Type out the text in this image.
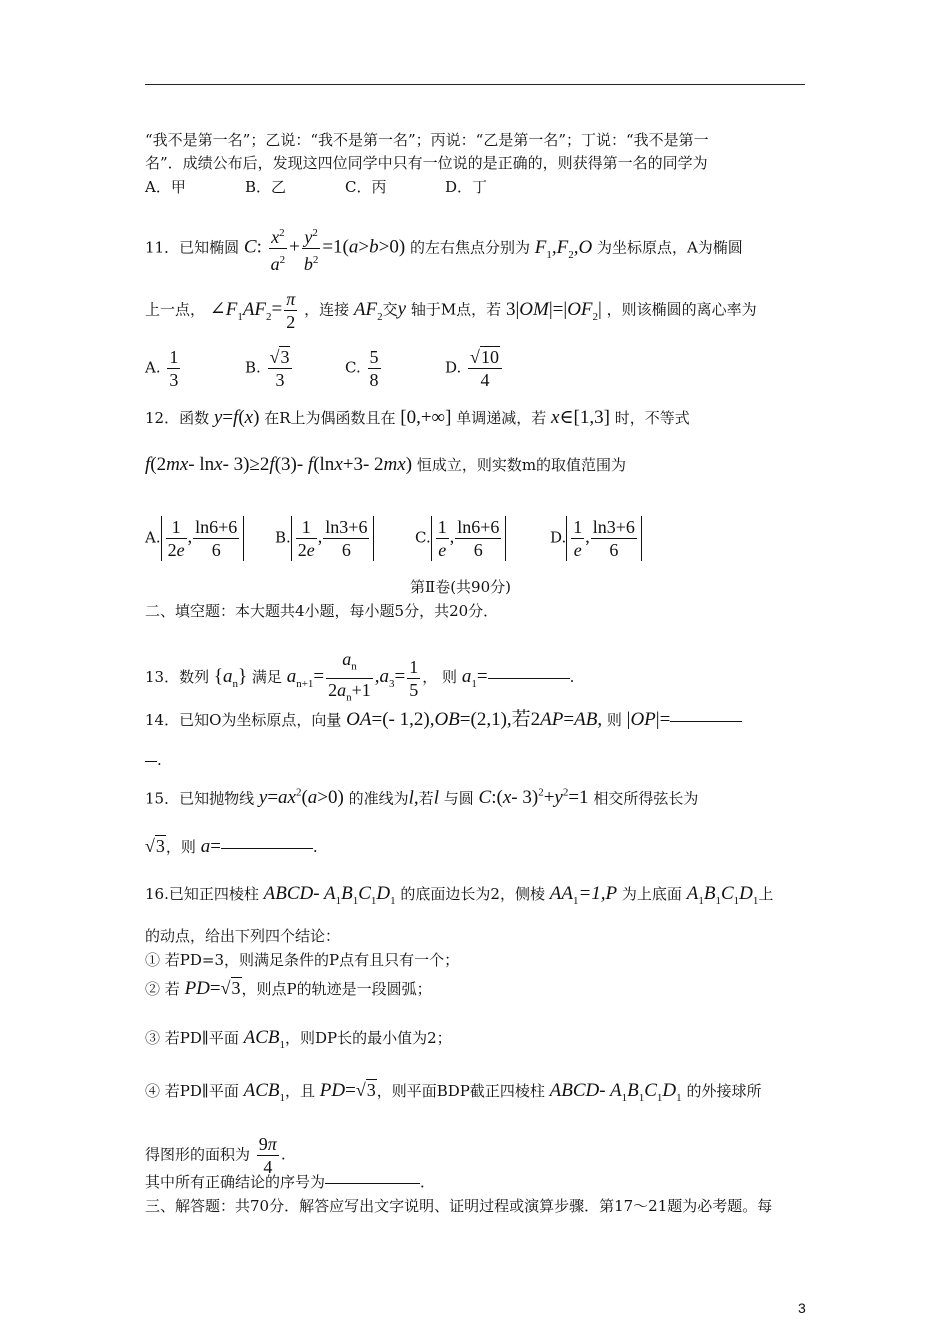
“我不是第一名”；乙说：“我不是第一名”；丙说：“乙是第一名”；丁说：“我不是第一
名”．成绩公布后，发现这四位同学中只有一位说的是正确的，则获得第一名的同学为
A．甲	B．乙	C．丙	D．丁
11．已知椭圆 C: $\frac{x^2}{a^2} + \frac{y^2}{b^2} =1(a>b>0)$ 的左右焦点分别为 $F_1,F_2,O$ 为坐标原点，A为椭圆
上一点， $\angle F_1AF_2= \frac{\pi}{2}$ ，连接 $AF_2$交y 轴于M点，若 $3|OM|=|OF_2|$ ，则该椭圆的离心率为
A. $\frac{1}{3}$	B. $\frac{√3}{3}$	C. $\frac{5}{8}$	D. $\frac{√10}{4}$
12．函数 y=f(x) 在R上为偶函数且在 [0,+∞] 单调递减，若 x∈[1,3] 时，不等式
f(2mx- lnx- 3)≥2f(3)- f(lnx+3- 2mx) 恒成立，则实数m的取值范围为
A. $\frac{1}{2e}$ , $\frac{\ln 6+6}{6} B$. $\frac{1}{2e}$ , $\frac{\ln 3+6}{6}$	C. $\frac{1}{e}$ , $\frac{\ln 6+6}{6}$	D. $\frac{1}{e}$ , $\frac{\ln 3+6}{6}$
第Ⅱ卷(共90分)
二、填空题：本大题共4小题，每小题5分，共20分．
13．数列 $\{a_n\}$ 满足 $a_{n+1}= \frac{a_n}{2a_n+1} ,a_3= \frac{1}{5}$ ， 则 $a_1=$	.
14．已知O为坐标原点，向量 OA=(- 1,2),OB=(2,1),若2AP=AB, 则 |OP|=
.
15．已知抛物线 $y=ax^2(a>0)$ 的准线为l,若l 与圆 C:(x- $3)^2+y^2=1$ 相交所得弦长为
√3，则 a=	.
16.已知正四棱柱 ABCD- $A_1B_1C_1D_1$ 的底面边长为2，侧棱 $AA_1=1,P$ 为上底面 $A_1B_1C_1D_1$上
的动点，给出下列四个结论：
① 若PD=3，则满足条件的P点有且只有一个；
② 若 PD=√3，则点P的轨迹是一段圆弧；
③ 若PD∥平面 $ACB_1$，则DP长的最小值为2；
④ 若PD∥平面 $ACB_1$，且 PD=√3，则平面BDP截正四棱柱 ABCD- $A_1B_1C_1D_1$ 的外接球所
得图形的面积为 $\frac{9\pi}{4}$ .
其中所有正确结论的序号为	．
三、解答题：共70分．解答应写出文字说明、证明过程或演算步骤．第17～21题为必考题。每
3
